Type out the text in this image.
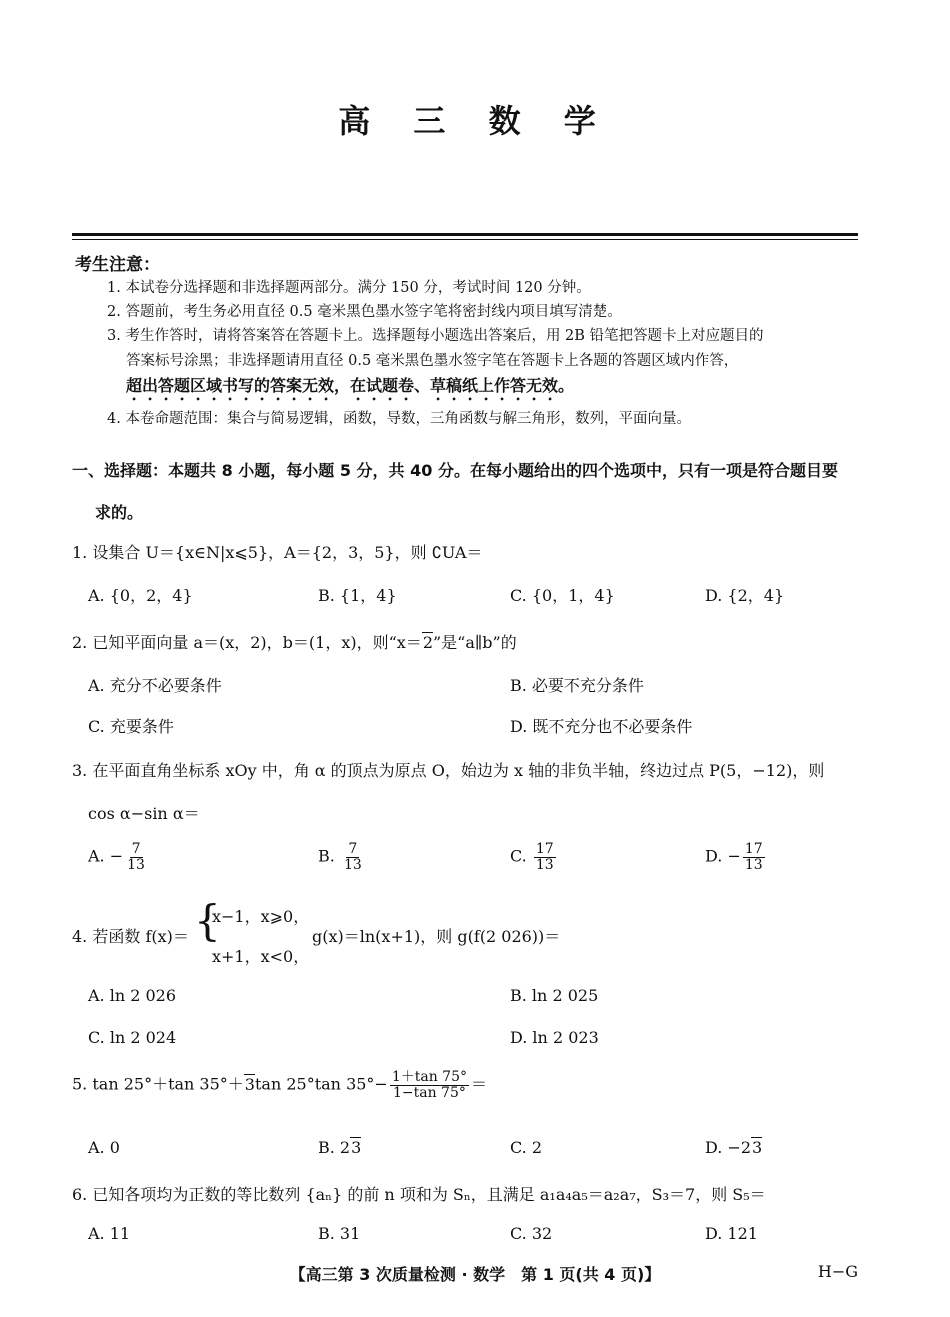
高 三 数 学
考生注意：
1. 本试卷分选择题和非选择题两部分。满分 150 分，考试时间 120 分钟。
2. 答题前，考生务必用直径 0.5 毫米黑色墨水签字笔将密封线内项目填写清楚。
3. 考生作答时，请将答案答在答题卡上。选择题每小题选出答案后，用 2B 铅笔把答题卡上对应题目的
答案标号涂黑；非选择题请用直径 0.5 毫米黑色墨水签字笔在答题卡上各题的答题区域内作答，
超出答题区域书写的答案无效，在试题卷、草稿纸上作答无效。
4. 本卷命题范围：集合与简易逻辑，函数，导数，三角函数与解三角形，数列，平面向量。
一、选择题：本题共 8 小题，每小题 5 分，共 40 分。在每小题给出的四个选项中，只有一项是符合题目要
求的。
1. 设集合 U＝{x∈N|x⩽5}，A＝{2，3，5}，则 ∁UA＝
A. {0，2，4}	B. {1，4}	C. {0，1，4}	D. {2，4}
2. 已知平面向量 a＝(x，2)，b＝(1，x)，则“x＝2”是“a∥b”的
A. 充分不必要条件	B. 必要不充分条件
C. 充要条件	D. 既不充分也不必要条件
3. 在平面直角坐标系 xOy 中，角 α 的顶点为原点 O，始边为 x 轴的非负半轴，终边过点 P(5，−12)，则
cos α−sin α＝
A. − $\frac{7}{13}$	B. $\frac{7}{13}$	C. $\frac{17}{13}$	D. − $\frac{17}{13}$
4. 若函数 f(x)＝ {
x−1，x⩾0，
x+1，x<0，
g(x)＝ln(x+1)，则 g(f(2 026))＝
A. ln 2 026	B. ln 2 025
C. ln 2 024	D. ln 2 023
5. tan 25°＋tan 35°＋3tan 25°tan $35^\circ- \frac{1+\tan 75^\circ}{1-\tan 75^\circ}$ ＝
A. 0	B. 23	C. 2	D. −23
6. 已知各项均为正数的等比数列 {aₙ} 的前 n 项和为 Sₙ，且满足 a₁a₄a₅＝a₂a₇，S₃＝7，则 S₅＝
A. 11	B. 31	C. 32	D. 121
【高三第 3 次质量检测 · 数学　第 1 页(共 4 页)】	H−G
